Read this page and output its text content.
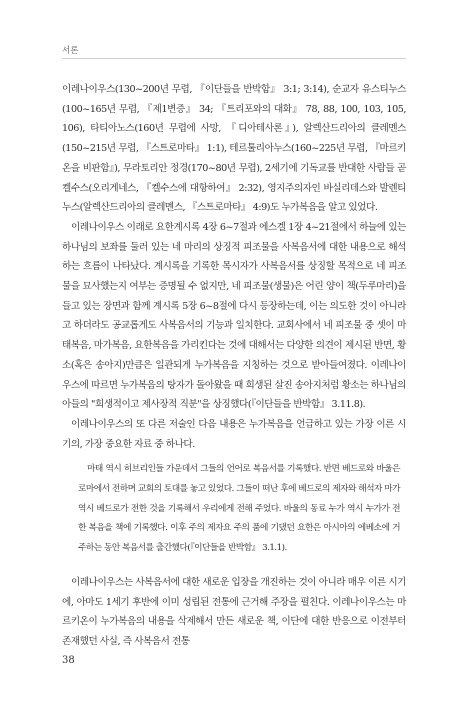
서론

이레나이우스(130~200년 무렵, 『이단들을 반박함』 3:1; 3:14), 순교자 유스티누스(100~165년 무렵, 『제1변증』 34; 『트리포와의 대화』 78, 88, 100, 103, 105, 106), 타티아노스(160년 무렵에 사망, 『디아테사론』), 알렉산드리아의 클레멘스(150~215년 무렵, 『스트로마타』 1:1), 테르툴리아누스(160~225년 무렵, 『마르키온을 비판함』), 무라토리안 정경(170~80년 무렵), 2세기에 기독교를 반대한 사람들 곧 켈수스(오리게네스, 『켈수스에 대항하여』 2:32), 영지주의자인 바실리데스와 발렌티누스(알렉산드리아의 클레멘스, 『스트로마타』 4:9)도 누가복음을 알고 있었다.

이레나이우스 이래로 요한계시록 4장 6~7절과 에스겔 1장 4~21절에서 하늘에 있는 하나님의 보좌를 둘러 있는 네 마리의 상징적 피조물을 사복음서에 대한 내용으로 해석하는 흐름이 나타났다. 계시록을 기록한 목시자가 사복음서를 상징할 목적으로 네 피조물을 묘사했는지 여부는 증명될 수 없지만, 네 피조물(생물)은 어린 양이 책(두루마리)을 들고 있는 장면과 함께 계시록 5장 6~8절에 다시 등장하는데, 이는 의도한 것이 아니라고 하더라도 공교롭게도 사복음서의 기능과 일치한다. 교회사에서 네 피조물 중 셋이 마태복음, 마가복음, 요한복음을 가리킨다는 것에 대해서는 다양한 의견이 제시된 반면, 황소(혹은 송아지)만큼은 일관되게 누가복음을 지칭하는 것으로 받아들여졌다. 이레나이우스에 따르면 누가복음의 탕자가 돌아왔을 때 희생된 살진 송아지처럼 황소는 하나님의 아들의 "희생적이고 제사장적 직분"을 상징했다(『이단들을 반박함』 3.11.8).

이레나이우스의 또 다른 저술인 다음 내용은 누가복음을 언급하고 있는 가장 이른 시기의, 가장 중요한 자료 중 하나다.

마태 역시 히브리인들 가운데서 그들의 언어로 복음서를 기록했다. 반면 베드로와 바울은 로마에서 전하며 교회의 토대를 놓고 있었다. 그들이 떠난 후에 베드로의 제자와 해석자 마가 역시 베드로가 전한 것을 기록해서 우리에게 전해 주었다. 바울의 동료 누가 역시 누가가 전한 복음을 책에 기록했다. 이후 주의 제자요 주의 품에 기댔던 요한은 아시아의 에베소에 거주하는 동안 복음서를 출간했다(『이단들을 반박함』 3.1.1).

이레나이우스는 사복음서에 대한 새로운 입장을 개진하는 것이 아니라 매우 이른 시기에, 아마도 1세기 후반에 이미 성립된 전통에 근거해 주장을 펼친다. 이레나이우스는 마르키온이 누가복음의 내용을 삭제해서 만든 새로운 책, 이단에 대한 반응으로 이전부터 존재했던 사실, 즉 사복음서 전통

38
